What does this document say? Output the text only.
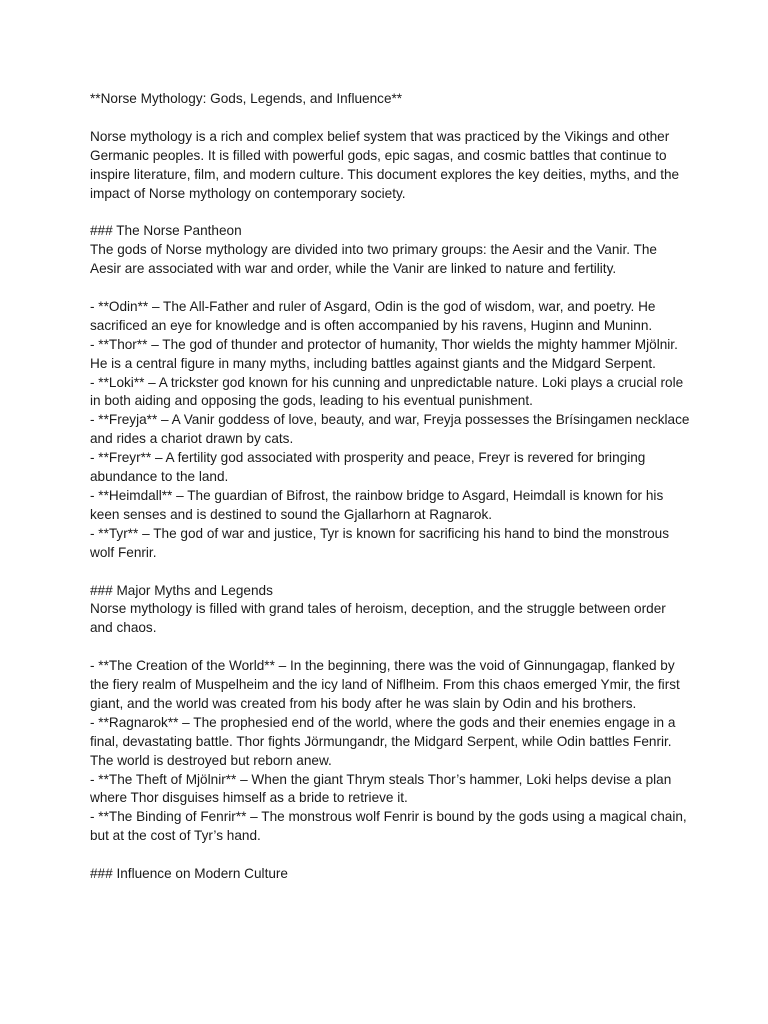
**Norse Mythology: Gods, Legends, and Influence**

Norse mythology is a rich and complex belief system that was practiced by the Vikings and other Germanic peoples. It is filled with powerful gods, epic sagas, and cosmic battles that continue to inspire literature, film, and modern culture. This document explores the key deities, myths, and the impact of Norse mythology on contemporary society.

### The Norse Pantheon

The gods of Norse mythology are divided into two primary groups: the Aesir and the Vanir. The Aesir are associated with war and order, while the Vanir are linked to nature and fertility.

- **Odin** – The All-Father and ruler of Asgard, Odin is the god of wisdom, war, and poetry. He sacrificed an eye for knowledge and is often accompanied by his ravens, Huginn and Muninn.

- **Thor** – The god of thunder and protector of humanity, Thor wields the mighty hammer Mjölnir. He is a central figure in many myths, including battles against giants and the Midgard Serpent.

- **Loki** – A trickster god known for his cunning and unpredictable nature. Loki plays a crucial role in both aiding and opposing the gods, leading to his eventual punishment.

- **Freyja** – A Vanir goddess of love, beauty, and war, Freyja possesses the Brísingamen necklace and rides a chariot drawn by cats.

- **Freyr** – A fertility god associated with prosperity and peace, Freyr is revered for bringing abundance to the land.

- **Heimdall** – The guardian of Bifrost, the rainbow bridge to Asgard, Heimdall is known for his keen senses and is destined to sound the Gjallarhorn at Ragnarok.

- **Tyr** – The god of war and justice, Tyr is known for sacrificing his hand to bind the monstrous wolf Fenrir.

### Major Myths and Legends

Norse mythology is filled with grand tales of heroism, deception, and the struggle between order and chaos.

- **The Creation of the World** – In the beginning, there was the void of Ginnungagap, flanked by the fiery realm of Muspelheim and the icy land of Niflheim. From this chaos emerged Ymir, the first giant, and the world was created from his body after he was slain by Odin and his brothers.

- **Ragnarok** – The prophesied end of the world, where the gods and their enemies engage in a final, devastating battle. Thor fights Jörmungandr, the Midgard Serpent, while Odin battles Fenrir. The world is destroyed but reborn anew.

- **The Theft of Mjölnir** – When the giant Thrym steals Thor’s hammer, Loki helps devise a plan where Thor disguises himself as a bride to retrieve it.

- **The Binding of Fenrir** – The monstrous wolf Fenrir is bound by the gods using a magical chain, but at the cost of Tyr’s hand.

### Influence on Modern Culture
